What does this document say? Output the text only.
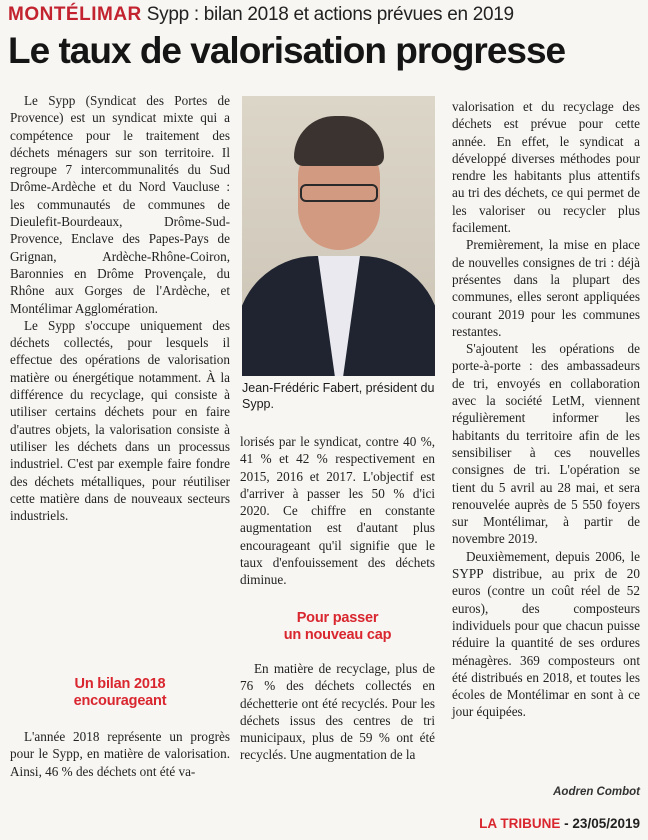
MONTÉLIMAR Sypp : bilan 2018 et actions prévues en 2019
Le taux de valorisation progresse

Le Sypp (Syndicat des Portes de Provence) est un syndicat mixte qui a compétence pour le traitement des déchets ménagers sur son territoire. Il regroupe 7 intercommunalités du Sud Drôme-Ardèche et du Nord Vaucluse : les communautés de communes de Dieulefit-Bourdeaux, Drôme-Sud-Provence, Enclave des Papes-Pays de Grignan, Ardèche-Rhône-Coiron, Baronnies en Drôme Provençale, du Rhône aux Gorges de l'Ardèche, et Montélimar Agglomération.

Le Sypp s'occupe uniquement des déchets collectés, pour lesquels il effectue des opérations de valorisation matière ou énergétique notamment. À la différence du recyclage, qui consiste à utiliser certains déchets pour en faire d'autres objets, la valorisation consiste à utiliser les déchets dans un processus industriel. C'est par exemple faire fondre des déchets métalliques, pour réutiliser cette matière dans de nouveaux secteurs industriels.

Un bilan 2018
encourageant

L'année 2018 représente un progrès pour le Sypp, en matière de valorisation. Ainsi, 46 % des déchets ont été va-

Jean-Frédéric Fabert, président du Sypp.

lorisés par le syndicat, contre 40 %, 41 % et 42 % respectivement en 2015, 2016 et 2017. L'objectif est d'arriver à passer les 50 % d'ici 2020. Ce chiffre en constante augmentation est d'autant plus encourageant qu'il signifie que le taux d'enfouissement des déchets diminue.

Pour passer
un nouveau cap

En matière de recyclage, plus de 76 % des déchets collectés en déchetterie ont été recyclés. Pour les déchets issus des centres de tri municipaux, plus de 59 % ont été recyclés. Une augmentation de la

valorisation et du recyclage des déchets est prévue pour cette année. En effet, le syndicat a développé diverses méthodes pour rendre les habitants plus attentifs au tri des déchets, ce qui permet de les valoriser ou recycler plus facilement.

Premièrement, la mise en place de nouvelles consignes de tri : déjà présentes dans la plupart des communes, elles seront appliquées courant 2019 pour les communes restantes.

S'ajoutent les opérations de porte-à-porte : des ambassadeurs de tri, envoyés en collaboration avec la société LetM, viennent régulièrement informer les habitants du territoire afin de les sensibiliser à ces nouvelles consignes de tri. L'opération se tient du 5 avril au 28 mai, et sera renouvelée auprès de 5 550 foyers sur Montélimar, à partir de novembre 2019.

Deuxièmement, depuis 2006, le SYPP distribue, au prix de 20 euros (contre un coût réel de 52 euros), des composteurs individuels pour que chacun puisse réduire la quantité de ses ordures ménagères. 369 composteurs ont été distribués en 2018, et toutes les écoles de Montélimar en sont à ce jour équipées.

Aodren Combot
LA TRIBUNE - 23/05/2019
